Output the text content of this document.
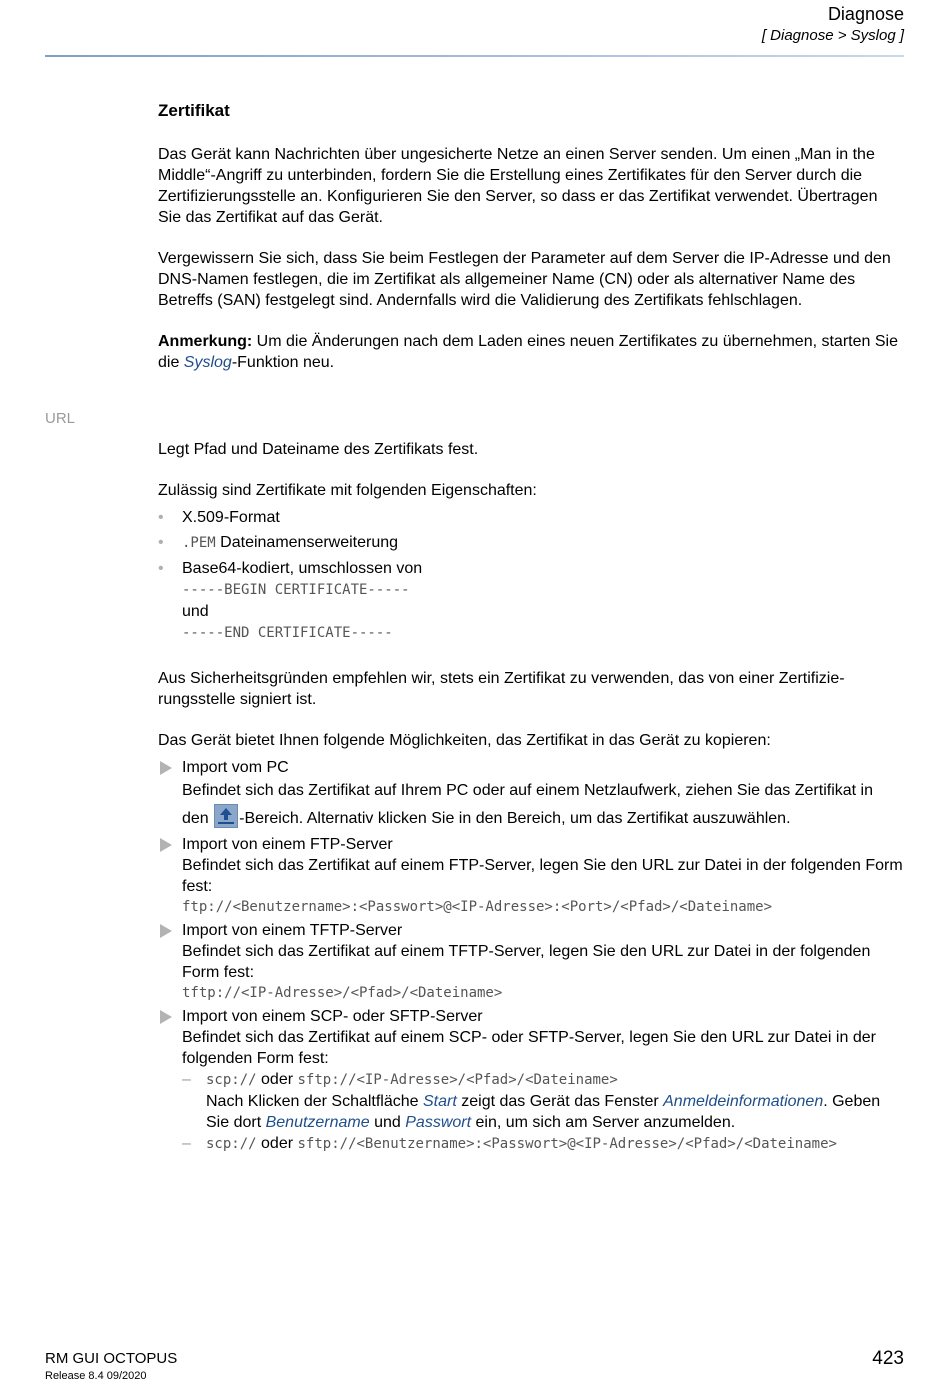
Diagnose
[ Diagnose > Syslog ]
URL
Zertifikat

Das Gerät kann Nachrichten über ungesicherte Netze an einen Server senden. Um einen „Man in the Middle“-Angriff zu unterbinden, fordern Sie die Erstellung eines Zertifikates für den Server durch die Zertifizierungsstelle an. Konfigurieren Sie den Server, so dass er das Zertifikat verwendet. Übertragen Sie das Zertifikat auf das Gerät.

Vergewissern Sie sich, dass Sie beim Festlegen der Parameter auf dem Server die IP-Adresse und den DNS-Namen festlegen, die im Zertifikat als allgemeiner Name (CN) oder als alternativer Name des Betreffs (SAN) festgelegt sind. Andernfalls wird die Validierung des Zertifikats fehlschlagen.

Anmerkung: Um die Änderungen nach dem Laden eines neuen Zertifikates zu übernehmen, starten Sie die Syslog-Funktion neu.

Legt Pfad und Dateiname des Zertifikats fest.

Zulässig sind Zertifikate mit folgenden Eigenschaften:

• X.509-Format
• .PEM Dateinamenserweiterung
• Base64-kodiert, umschlossen von
-----BEGIN CERTIFICATE-----
und
-----END CERTIFICATE-----

Aus Sicherheitsgründen empfehlen wir, stets ein Zertifikat zu verwenden, das von einer Zertifizie-rungsstelle signiert ist.

Das Gerät bietet Ihnen folgende Möglichkeiten, das Zertifikat in das Gerät zu kopieren:

Import vom PC
Befindet sich das Zertifikat auf Ihrem PC oder auf einem Netzlaufwerk, ziehen Sie das Zertifikat in den
-Bereich. Alternativ klicken Sie in den Bereich, um das Zertifikat auszuwählen.
Import von einem FTP-Server
Befindet sich das Zertifikat auf einem FTP-Server, legen Sie den URL zur Datei in der folgenden Form fest:
ftp://<Benutzername>:<Passwort>@<IP-Adresse>:<Port>/<Pfad>/<Dateiname>
Import von einem TFTP-Server
Befindet sich das Zertifikat auf einem TFTP-Server, legen Sie den URL zur Datei in der folgenden Form fest:
tftp://<IP-Adresse>/<Pfad>/<Dateiname>
Import von einem SCP- oder SFTP-Server
Befindet sich das Zertifikat auf einem SCP- oder SFTP-Server, legen Sie den URL zur Datei in der folgenden Form fest:
– scp:// oder sftp://<IP-Adresse>/<Pfad>/<Dateiname>
Nach Klicken der Schaltfläche Start zeigt das Gerät das Fenster Anmeldeinformationen. Geben Sie dort Benutzername und Passwort ein, um sich am Server anzumelden.
– scp:// oder sftp://<Benutzername>:<Passwort>@<IP-Adresse>/<Pfad>/<Dateiname>
RM GUI OCTOPUS
Release 8.4 09/2020
423
